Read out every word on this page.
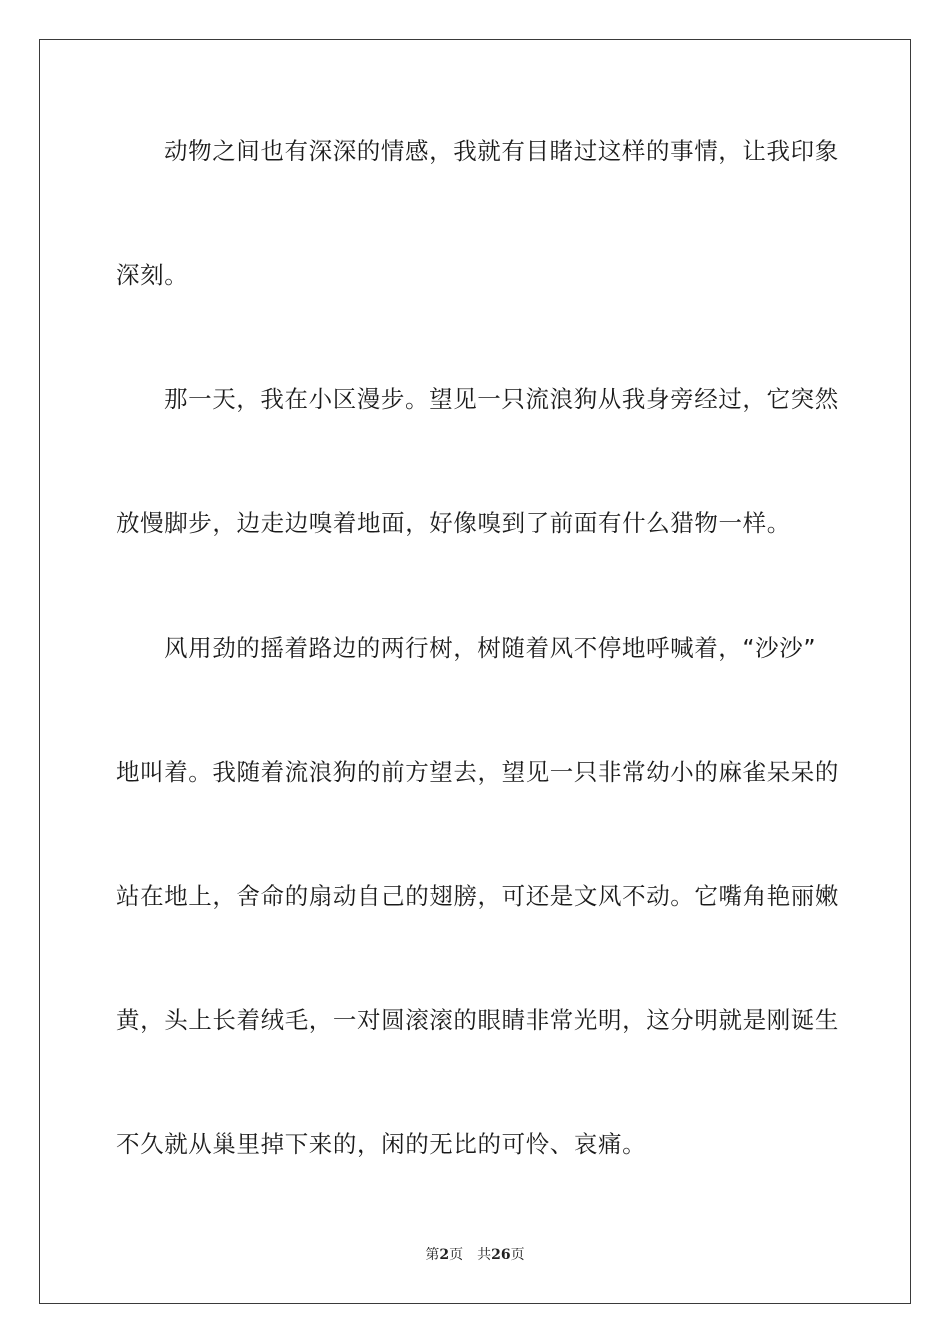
动物之间也有深深的情感，我就有目睹过这样的事情，让我印象
深刻。
那一天，我在小区漫步。望见一只流浪狗从我身旁经过，它突然
放慢脚步，边走边嗅着地面，好像嗅到了前面有什么猎物一样。
风用劲的摇着路边的两行树，树随着风不停地呼喊着，“沙沙”
地叫着。我随着流浪狗的前方望去，望见一只非常幼小的麻雀呆呆的
站在地上，舍命的扇动自己的翅膀，可还是文风不动。它嘴角艳丽嫩
黄，头上长着绒毛，一对圆滚滚的眼睛非常光明，这分明就是刚诞生
不久就从巢里掉下来的，闲的无比的可怜、哀痛。
第2页 共26页
